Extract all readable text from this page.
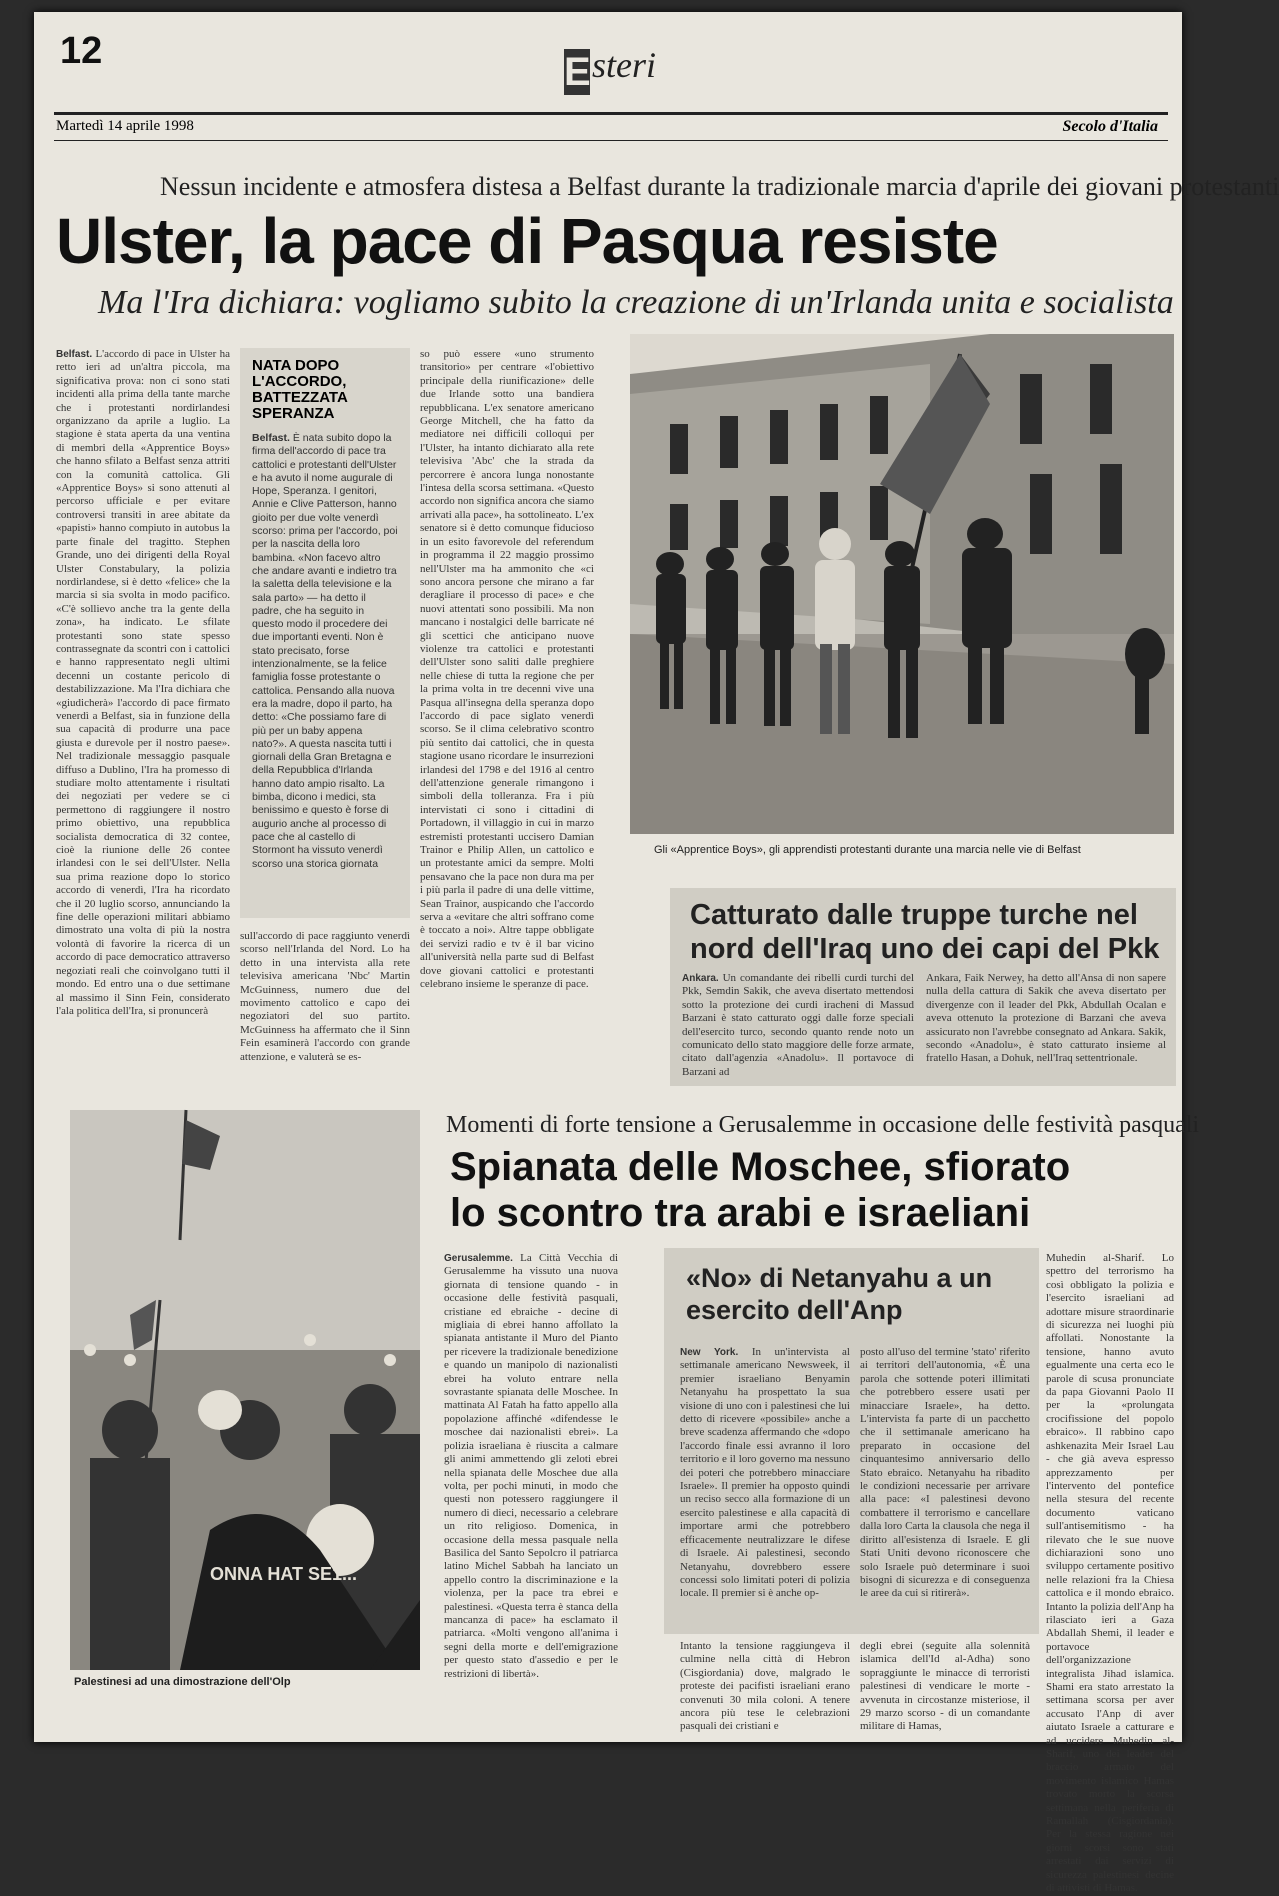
12	Esteri
Martedì 14 aprile 1998	Secolo d'Italia
Nessun incidente e atmosfera distesa a Belfast durante la tradizionale marcia d'aprile dei giovani protestanti
Ulster, la pace di Pasqua resiste
Ma l'Ira dichiara: vogliamo subito la creazione di un'Irlanda unita e socialista
Belfast. L'accordo di pace in Ulster ha retto ieri ad un'altra piccola, ma significativa prova: non ci sono stati incidenti alla prima della tante marche che i protestanti nordirlandesi organizzano da aprile a luglio. La stagione è stata aperta da una ventina di membri della «Apprentice Boys» che hanno sfilato a Belfast senza attriti con la comunità cattolica. Gli «Apprentice Boys» si sono attenuti al percorso ufficiale e per evitare controversi transiti in aree abitate da «papisti» hanno compiuto in autobus la parte finale del tragitto. Stephen Grande, uno dei dirigenti della Royal Ulster Constabulary, la polizia nordirlandese, si è detto «felice» che la marcia si sia svolta in modo pacifico. «C'è sollievo anche tra la gente della zona», ha indicato. Le sfilate protestanti sono state spesso contrassegnate da scontri con i cattolici e hanno rappresentato negli ultimi decenni un costante pericolo di destabilizzazione. Ma l'Ira dichiara che «giudicherà» l'accordo di pace firmato venerdì a Belfast, sia in funzione della sua capacità di produrre una pace giusta e durevole per il nostro paese». Nel tradizionale messaggio pasquale diffuso a Dublino, l'Ira ha promesso di studiare molto attentamente i risultati dei negoziati per vedere se ci permettono di raggiungere il nostro primo obiettivo, una repubblica socialista democratica di 32 contee, cioè la riunione delle 26 contee irlandesi con le sei dell'Ulster. Nella sua prima reazione dopo lo storico accordo di venerdì, l'Ira ha ricordato che il 20 luglio scorso, annunciando la fine delle operazioni militari abbiamo dimostrato una volta di più la nostra volontà di favorire la ricerca di un accordo di pace democratico attraverso negoziati reali che coinvolgano tutti il mondo. Ed entro una o due settimane al massimo il Sinn Fein, considerato l'ala politica dell'Ira, si pronuncerà
NATA DOPO L'ACCORDO, BATTEZZATA SPERANZA
Belfast. È nata subito dopo la firma dell'accordo di pace tra cattolici e protestanti dell'Ulster e ha avuto il nome augurale di Hope, Speranza. I genitori, Annie e Clive Patterson, hanno gioito per due volte venerdì scorso: prima per l'accordo, poi per la nascita della loro bambina. «Non facevo altro che andare avanti e indietro tra la saletta della televisione e la sala parto» — ha detto il padre, che ha seguito in questo modo il procedere dei due importanti eventi. Non è stato precisato, forse intenzionalmente, se la felice famiglia fosse protestante o cattolica. Pensando alla nuova era la madre, dopo il parto, ha detto: «Che possiamo fare di più per un baby appena nato?». A questa nascita tutti i giornali della Gran Bretagna e della Repubblica d'Irlanda hanno dato ampio risalto. La bimba, dicono i medici, sta benissimo e questo è forse di augurio anche al processo di pace che al castello di Stormont ha vissuto venerdì scorso una storica giornata
sull'accordo di pace raggiunto venerdì scorso nell'Irlanda del Nord. Lo ha detto in una intervista alla rete televisiva americana 'Nbc' Martin McGuinness, numero due del movimento cattolico e capo dei negoziatori del suo partito. McGuinness ha affermato che il Sinn Fein esaminerà l'accordo con grande attenzione, e valuterà se es-
so può essere «uno strumento transitorio» per centrare «l'obiettivo principale della riunificazione» delle due Irlande sotto una bandiera repubblicana. L'ex senatore americano George Mitchell, che ha fatto da mediatore nei difficili colloqui per l'Ulster, ha intanto dichiarato alla rete televisiva 'Abc' che la strada da percorrere è ancora lunga nonostante l'intesa della scorsa settimana. «Questo accordo non significa ancora che siamo arrivati alla pace», ha sottolineato. L'ex senatore si è detto comunque fiducioso in un esito favorevole del referendum in programma il 22 maggio prossimo nell'Ulster ma ha ammonito che «ci sono ancora persone che mirano a far deragliare il processo di pace» e che nuovi attentati sono possibili. Ma non mancano i nostalgici delle barricate né gli scettici che anticipano nuove violenze tra cattolici e protestanti dell'Ulster sono saliti dalle preghiere nelle chiese di tutta la regione che per la prima volta in tre decenni vive una Pasqua all'insegna della speranza dopo l'accordo di pace siglato venerdì scorso. Se il clima celebrativo scontro più sentito dai cattolici, che in questa stagione usano ricordare le insurrezioni irlandesi del 1798 e del 1916 al centro dell'attenzione generale rimangono i simboli della tolleranza. Fra i più intervistati ci sono i cittadini di Portadown, il villaggio in cui in marzo estremisti protestanti uccisero Damian Trainor e Philip Allen, un cattolico e un protestante amici da sempre. Molti pensavano che la pace non dura ma per i più parla il padre di una delle vittime, Sean Trainor, auspicando che l'accordo serva a «evitare che altri soffrano come è toccato a noi». Altre tappe obbligate dei servizi radio e tv è il bar vicino all'università nella parte sud di Belfast dove giovani cattolici e protestanti celebrano insieme le speranze di pace.
Gli «Apprentice Boys», gli apprendisti protestanti durante una marcia nelle vie di Belfast
Catturato dalle truppe turche nel nord dell'Iraq uno dei capi del Pkk
Ankara. Un comandante dei ribelli curdi turchi del Pkk, Semdin Sakik, che aveva disertato mettendosi sotto la protezione dei curdi iracheni di Massud Barzani è stato catturato oggi dalle forze speciali dell'esercito turco, secondo quanto rende noto un comunicato dello stato maggiore delle forze armate, citato dall'agenzia «Anadolu». Il portavoce di Barzani ad
Ankara, Faik Nerwey, ha detto all'Ansa di non sapere nulla della cattura di Sakik che aveva disertato per divergenze con il leader del Pkk, Abdullah Ocalan e aveva ottenuto la protezione di Barzani che aveva assicurato non l'avrebbe consegnato ad Ankara. Sakik, secondo «Anadolu», è stato catturato insieme al fratello Hasan, a Dohuk, nell'Iraq settentrionale.
ONNA HAT SE1...
Palestinesi ad una dimostrazione dell'Olp
Momenti di forte tensione a Gerusalemme in occasione delle festività pasquali
Spianata delle Moschee, sfiorato lo scontro tra arabi e israeliani
Gerusalemme. La Città Vecchia di Gerusalemme ha vissuto una nuova giornata di tensione quando - in occasione delle festività pasquali, cristiane ed ebraiche - decine di migliaia di ebrei hanno affollato la spianata antistante il Muro del Pianto per ricevere la tradizionale benedizione e quando un manipolo di nazionalisti ebrei ha voluto entrare nella sovrastante spianata delle Moschee. In mattinata Al Fatah ha fatto appello alla popolazione affinché «difendesse le moschee dai nazionalisti ebrei». La polizia israeliana è riuscita a calmare gli animi ammettendo gli zeloti ebrei nella spianata delle Moschee due alla volta, per pochi minuti, in modo che questi non potessero raggiungere il numero di dieci, necessario a celebrare un rito religioso. Domenica, in occasione della messa pasquale nella Basilica del Santo Sepolcro il patriarca latino Michel Sabbah ha lanciato un appello contro la discriminazione e la violenza, per la pace tra ebrei e palestinesi. «Questa terra è stanca della mancanza di pace» ha esclamato il patriarca. «Molti vengono all'anima i segni della morte e dell'emigrazione per questo stato d'assedio e per le restrizioni di libertà».
«No» di Netanyahu a un esercito dell'Anp
New York. In un'intervista al settimanale americano Newsweek, il premier israeliano Benyamin Netanyahu ha prospettato la sua visione di uno con i palestinesi che lui detto di ricevere «possibile» anche a breve scadenza affermando che «dopo l'accordo finale essi avranno il loro territorio e il loro governo ma nessuno dei poteri che potrebbero minacciare Israele». Il premier ha opposto quindi un reciso secco alla formazione di un esercito palestinese e alla capacità di importare armi che potrebbero efficacemente neutralizzare le difese di Israele. Ai palestinesi, secondo Netanyahu, dovrebbero essere concessi solo limitati poteri di polizia locale. Il premier si è anche op-
posto all'uso del termine 'stato' riferito ai territori dell'autonomia, «È una parola che sottende poteri illimitati che potrebbero essere usati per minacciare Israele», ha detto. L'intervista fa parte di un pacchetto che il settimanale americano ha preparato in occasione del cinquantesimo anniversario dello Stato ebraico. Netanyahu ha ribadito le condizioni necessarie per arrivare alla pace: «I palestinesi devono combattere il terrorismo e cancellare dalla loro Carta la clausola che nega il diritto all'esistenza di Israele. E gli Stati Uniti devono riconoscere che solo Israele può determinare i suoi bisogni di sicurezza e di conseguenza le aree da cui si ritirerà».
Intanto la tensione raggiungeva il culmine nella città di Hebron (Cisgiordania) dove, malgrado le proteste dei pacifisti israeliani erano convenuti 30 mila coloni. A tenere ancora più tese le celebrazioni pasquali dei cristiani e
degli ebrei (seguite alla solennità islamica dell'Id al-Adha) sono sopraggiunte le minacce di terroristi palestinesi di vendicare le morte - avvenuta in circostanze misteriose, il 29 marzo scorso - di un comandante militare di Hamas,
Muhedin al-Sharif. Lo spettro del terrorismo ha così obbligato la polizia e l'esercito israeliani ad adottare misure straordinarie di sicurezza nei luoghi più affollati. Nonostante la tensione, hanno avuto egualmente una certa eco le parole di scusa pronunciate da papa Giovanni Paolo II per la «prolungata crocifissione del popolo ebraico». Il rabbino capo ashkenazita Meir Israel Lau - che già aveva espresso apprezzamento per l'intervento del pontefice nella stesura del recente documento vaticano sull'antisemitismo - ha rilevato che le sue nuove dichiarazioni sono uno sviluppo certamente positivo nelle relazioni fra la Chiesa cattolica e il mondo ebraico. Intanto la polizia dell'Anp ha rilasciato ieri a Gaza Abdallah Shemi, il leader e portavoce dell'organizzazione integralista Jihad islamica. Shami era stato arrestato la settimana scorsa per aver accusato l'Anp di aver aiutato Israele a catturare e ad uccidere Muhedin al-Sharif, uno dei leader del braccio armato del movimento islamico Hamas trovato morto la scorsa settimana nella periferia di Ramallah (Cisgiordania). Per la stessa ragione nei giorni scorsi sono stati arrestati dai servizi di sicurezza palestinesi decine di attivisti di Hamas.
